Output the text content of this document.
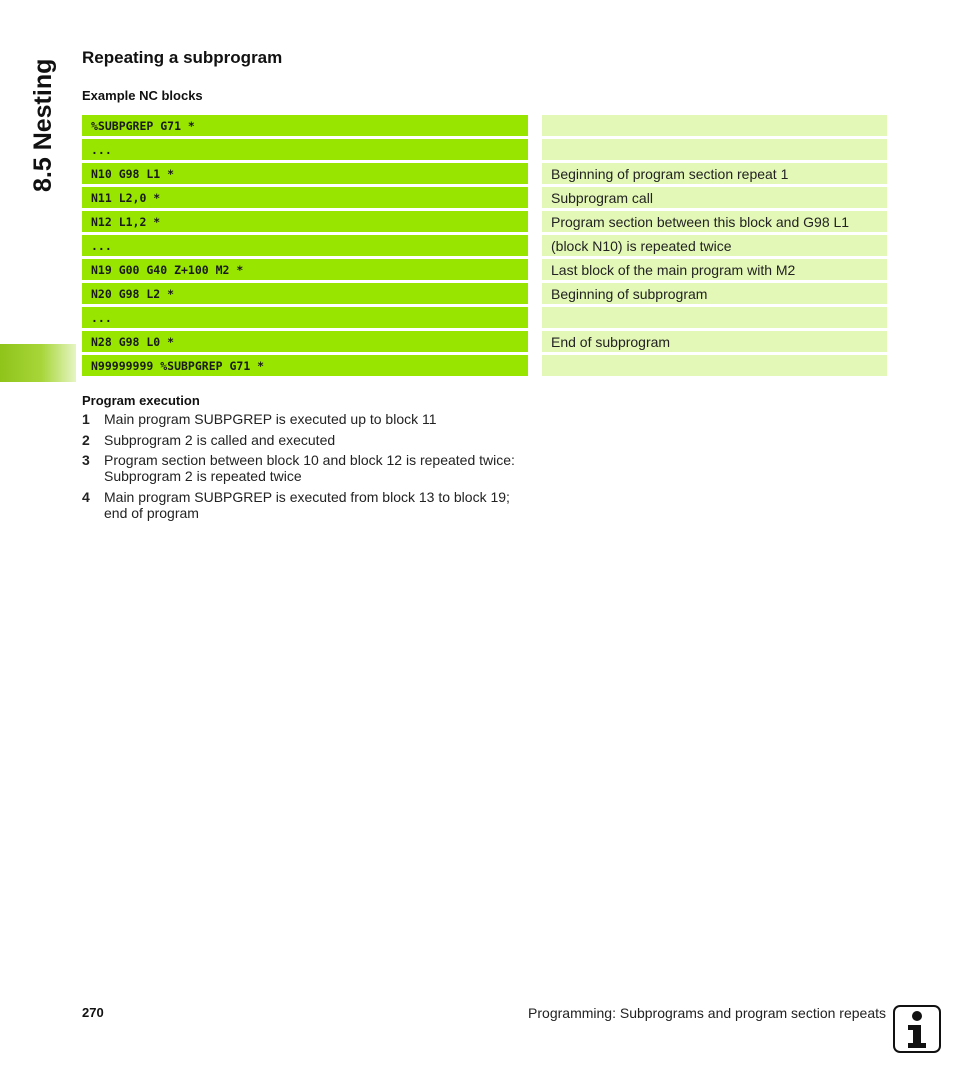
8.5 Nesting
Repeating a subprogram
Example NC blocks
%SUBPGREP G71 *		
...		
N10 G98 L1 *		Beginning of program section repeat 1
N11 L2,0 *		Subprogram call
N12 L1,2 *		Program section between this block and G98 L1
...		(block N10) is repeated twice
N19 G00 G40 Z+100 M2 *		Last block of the main program with M2
N20 G98 L2 *		Beginning of subprogram
...		
N28 G98 L0 *		End of subprogram
N99999999 %SUBPGREP G71 *		
Program execution
1	Main program SUBPGREP is executed up to block 11
2	Subprogram 2 is called and executed
3	Program section between block 10 and block 12 is repeated twice:
Subprogram 2 is repeated twice
4	Main program SUBPGREP is executed from block 13 to block 19;
end of program
270	Programming: Subprograms and program section repeats
